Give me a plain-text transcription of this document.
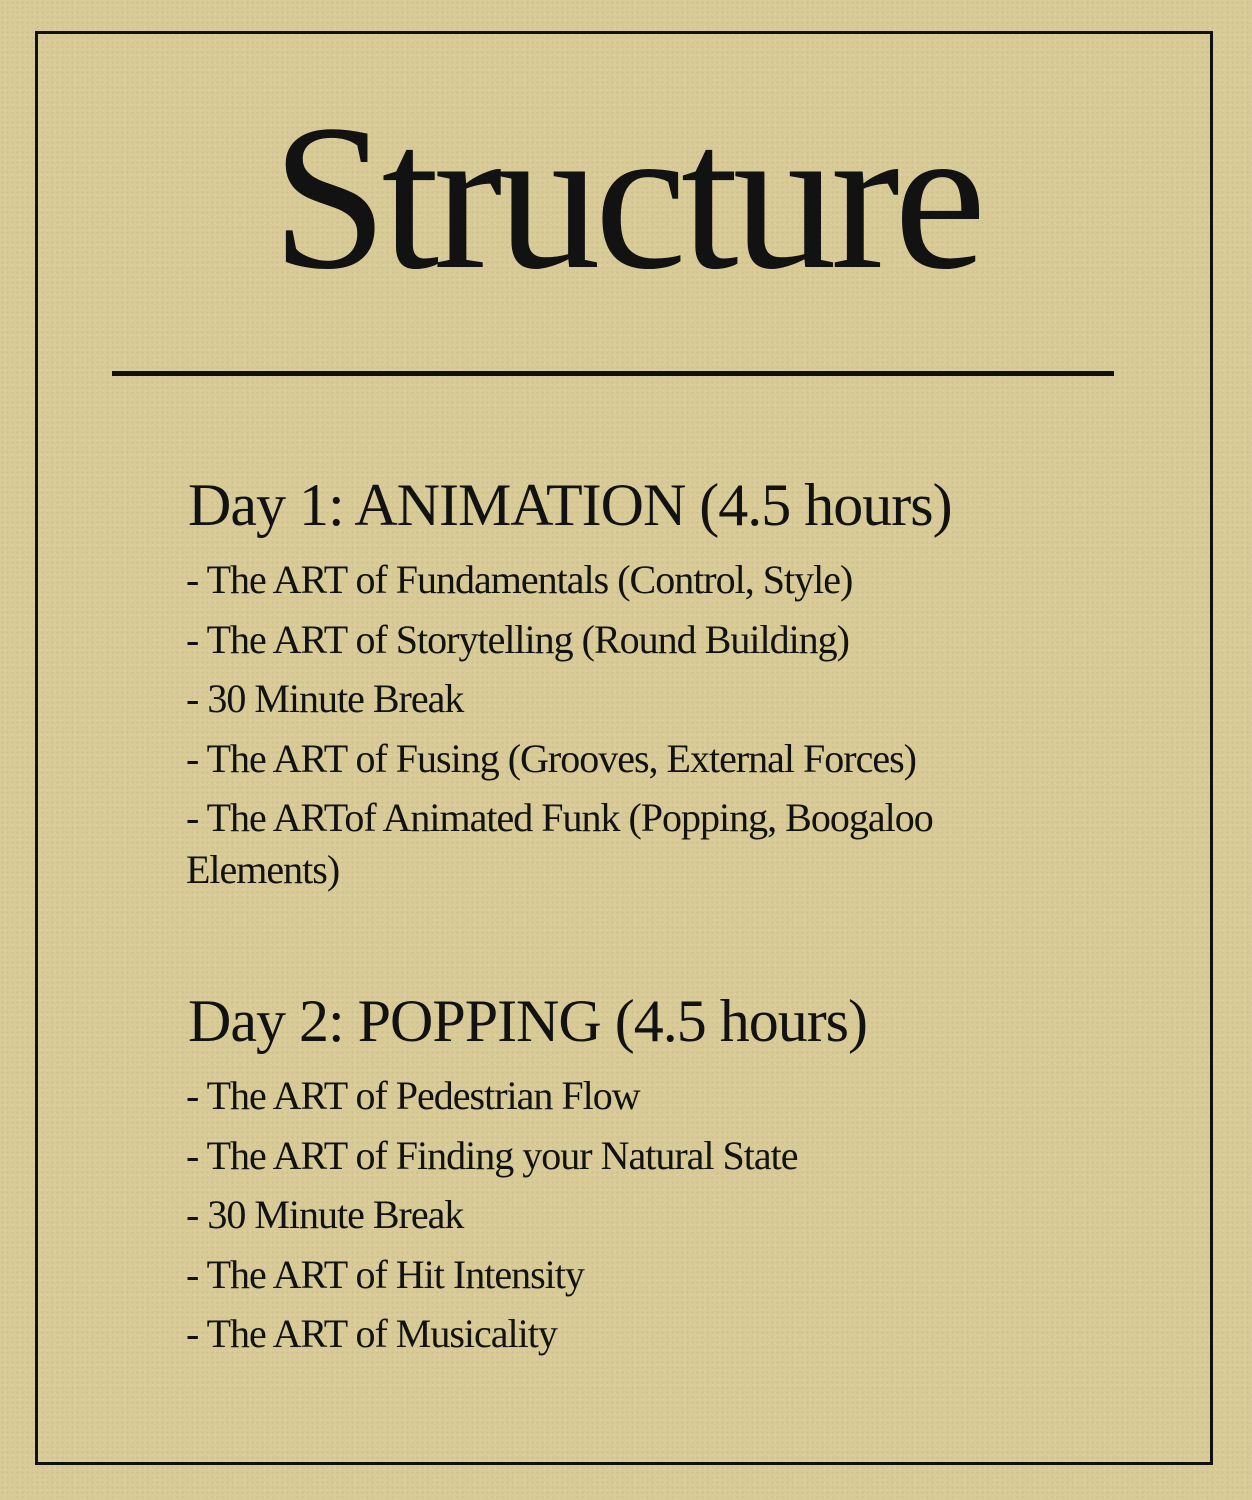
Structure
Day 1: ANIMATION (4.5 hours)
- The ART of Fundamentals (Control, Style)
- The ART of Storytelling (Round Building)
- 30 Minute Break
- The ART of Fusing (Grooves, External Forces)
- The ARTof Animated Funk (Popping, Boogaloo Elements)
Day 2: POPPING (4.5 hours)
- The ART of Pedestrian Flow
- The ART of Finding your Natural State
- 30 Minute Break
- The ART of Hit Intensity
- The ART of Musicality
